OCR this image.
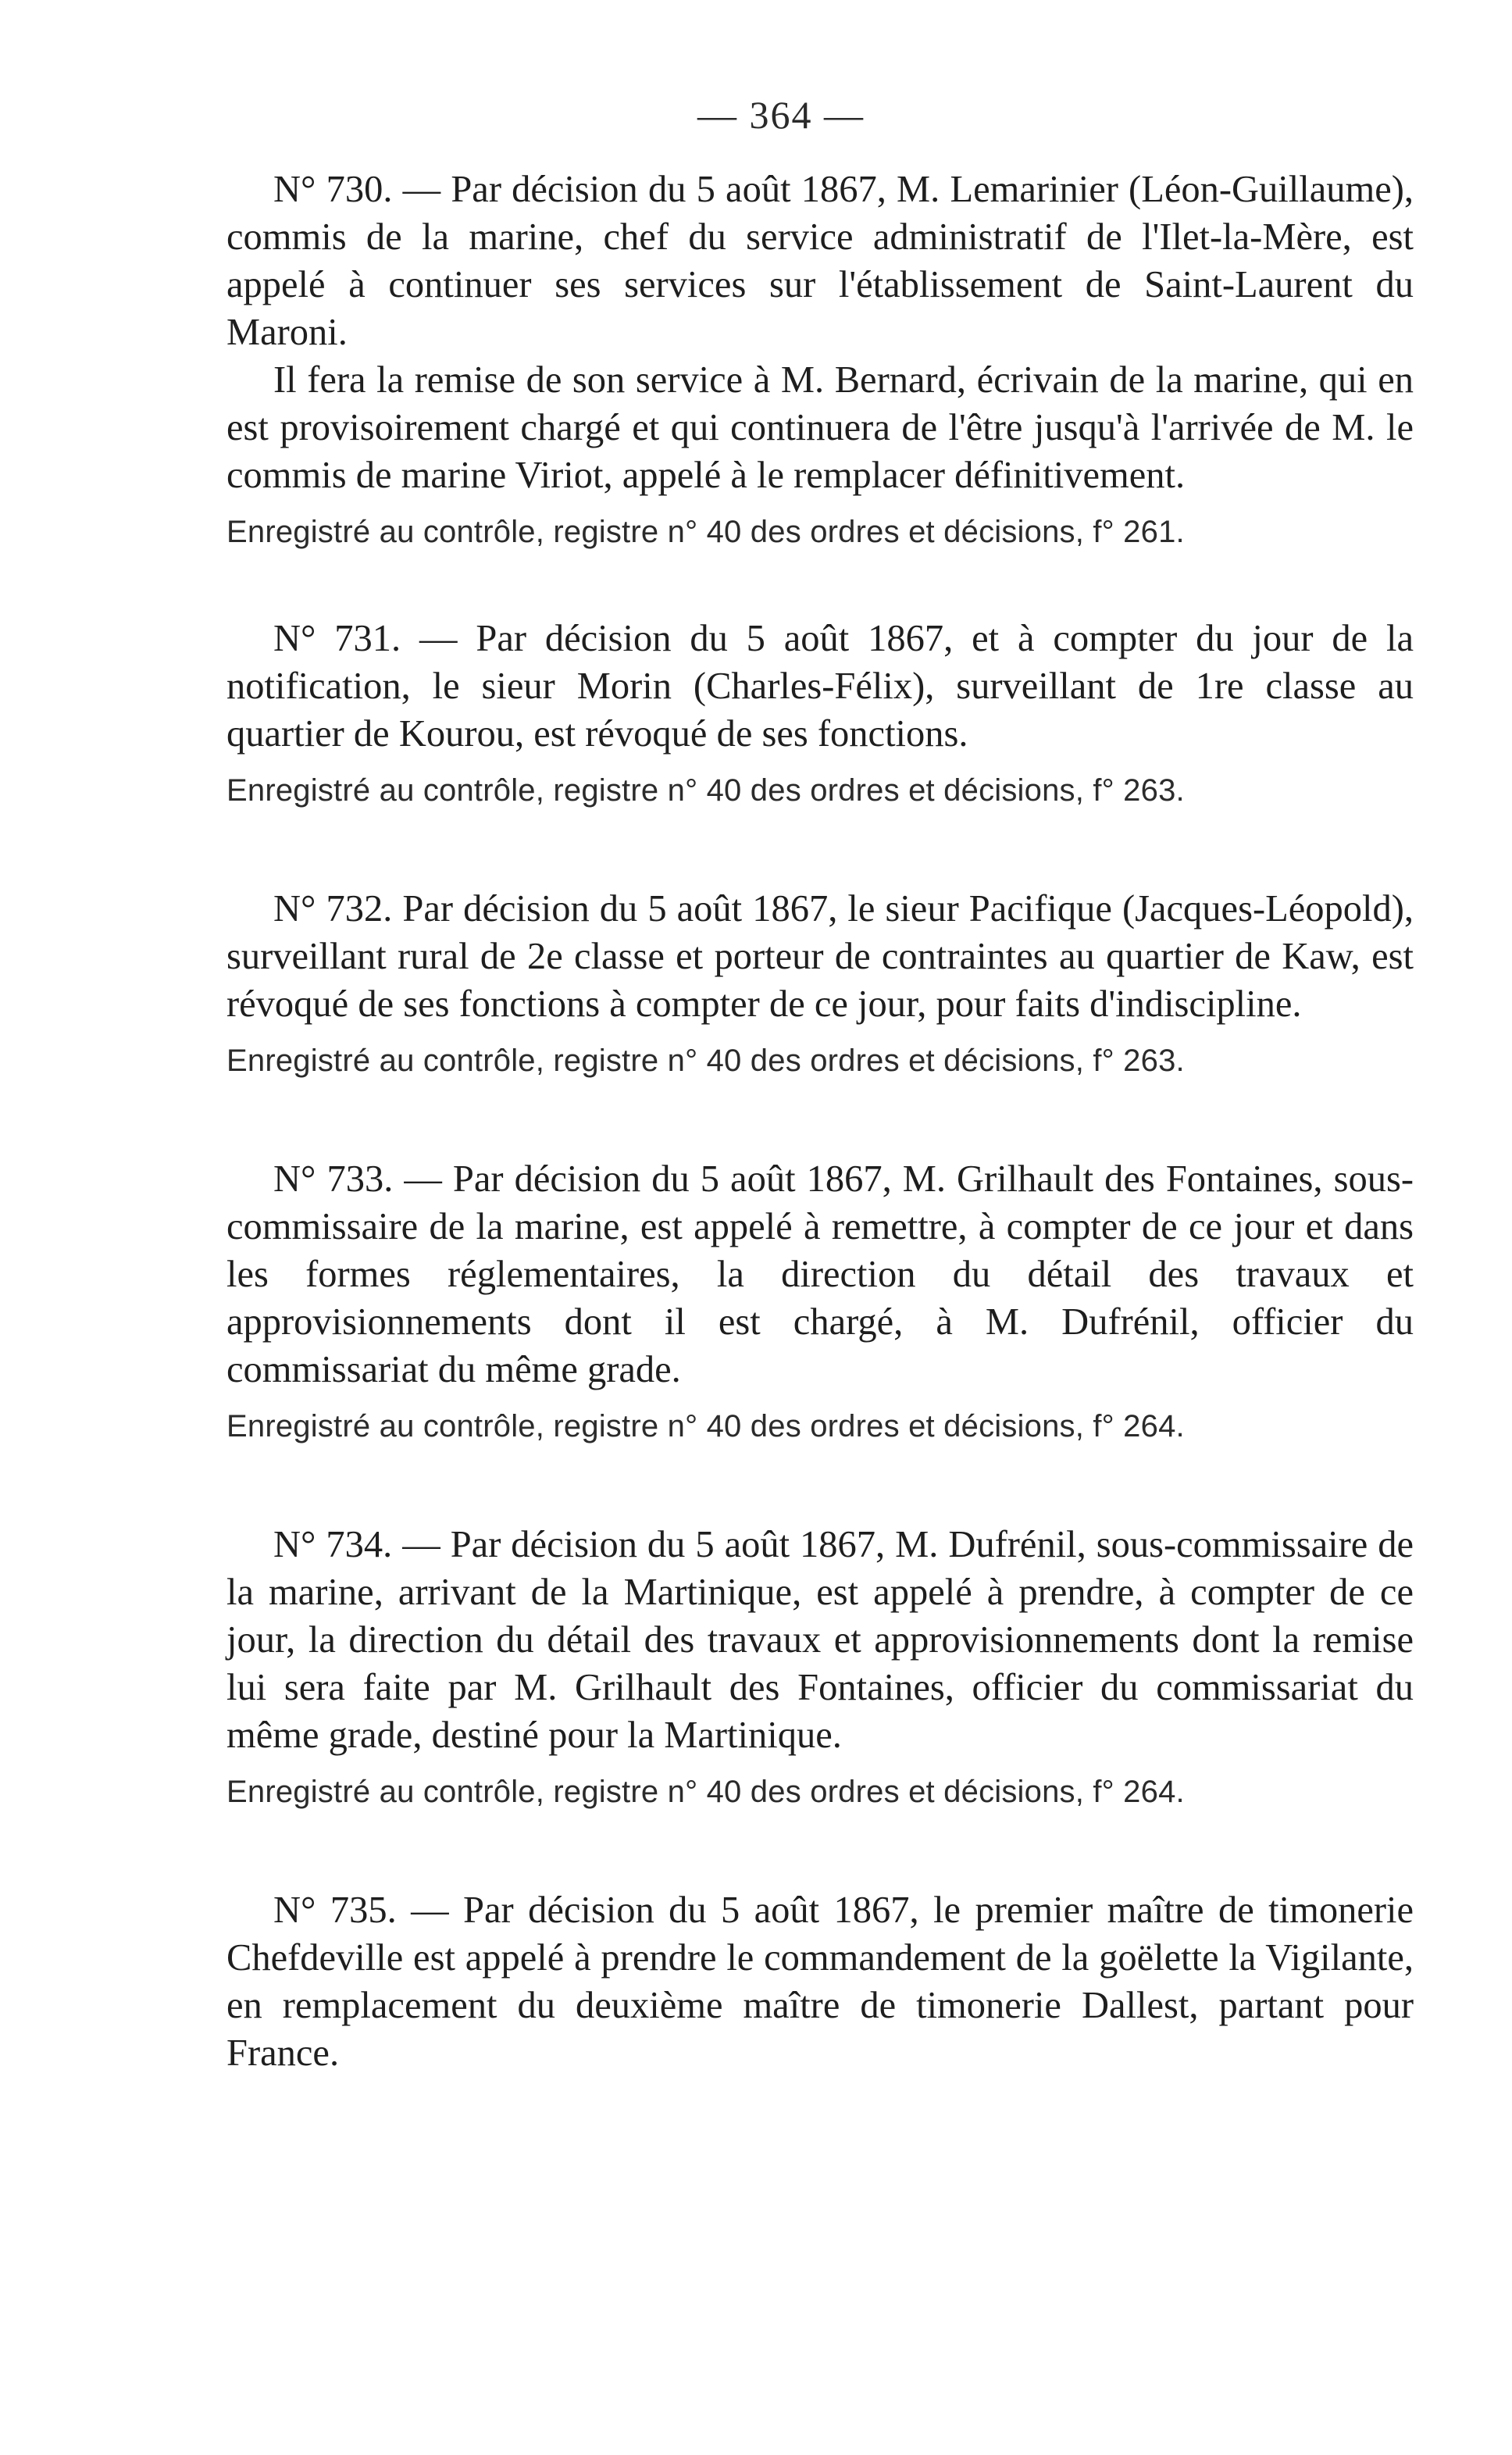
— 364 —

N° 730. — Par décision du 5 août 1867, M. Lemarinier (Léon-Guillaume), commis de la marine, chef du service administratif de l'Ilet-la-Mère, est appelé à continuer ses services sur l'établissement de Saint-Laurent du Maroni.

Il fera la remise de son service à M. Bernard, écrivain de la marine, qui en est provisoirement chargé et qui continuera de l'être jusqu'à l'arrivée de M. le commis de marine Viriot, appelé à le remplacer définitivement.

Enregistré au contrôle, registre n° 40 des ordres et décisions, f° 261.

N° 731. — Par décision du 5 août 1867, et à compter du jour de la notification, le sieur Morin (Charles-Félix), surveillant de 1re classe au quartier de Kourou, est révoqué de ses fonctions.

Enregistré au contrôle, registre n° 40 des ordres et décisions, f° 263.

N° 732. Par décision du 5 août 1867, le sieur Pacifique (Jacques-Léopold), surveillant rural de 2e classe et porteur de contraintes au quartier de Kaw, est révoqué de ses fonctions à compter de ce jour, pour faits d'indiscipline.

Enregistré au contrôle, registre n° 40 des ordres et décisions, f° 263.

N° 733. — Par décision du 5 août 1867, M. Grilhault des Fontaines, sous-commissaire de la marine, est appelé à remettre, à compter de ce jour et dans les formes réglementaires, la direction du détail des travaux et approvisionnements dont il est chargé, à M. Dufrénil, officier du commissariat du même grade.

Enregistré au contrôle, registre n° 40 des ordres et décisions, f° 264.

N° 734. — Par décision du 5 août 1867, M. Dufrénil, sous-commissaire de la marine, arrivant de la Martinique, est appelé à prendre, à compter de ce jour, la direction du détail des travaux et approvisionnements dont la remise lui sera faite par M. Grilhault des Fontaines, officier du commissariat du même grade, destiné pour la Martinique.

Enregistré au contrôle, registre n° 40 des ordres et décisions, f° 264.

N° 735. — Par décision du 5 août 1867, le premier maître de timonerie Chefdeville est appelé à prendre le commandement de la goëlette la Vigilante, en remplacement du deuxième maître de timonerie Dallest, partant pour France.
